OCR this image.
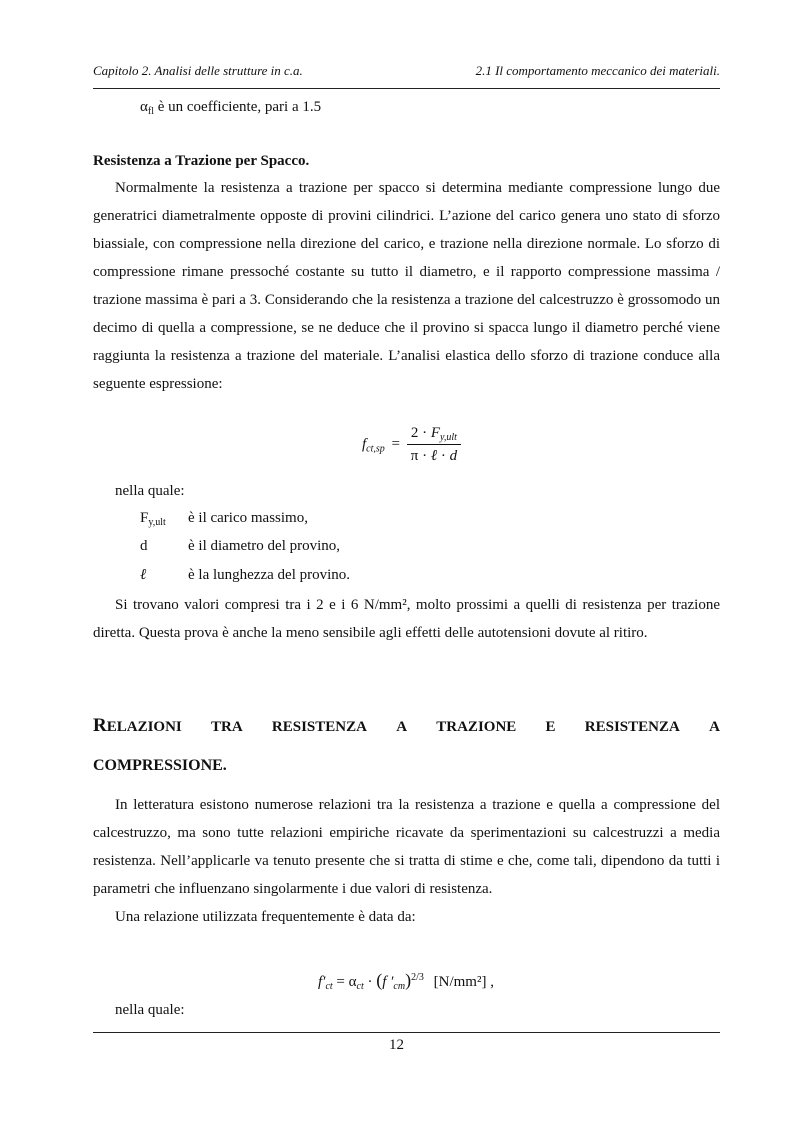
Capitolo 2. Analisi delle strutture in c.a.	2.1 Il comportamento meccanico dei materiali.
$\alpha_{fl}$ è un coefficiente, pari a 1.5
Resistenza a Trazione per Spacco.

Normalmente la resistenza a trazione per spacco si determina mediante compressione lungo due generatrici diametralmente opposte di provini cilindrici. L’azione del carico genera uno stato di sforzo biassiale, con compressione nella direzione del carico, e trazione nella direzione normale. Lo sforzo di compressione rimane pressoché costante su tutto il diametro, e il rapporto compressione massima / trazione massima è pari a 3. Considerando che la resistenza a trazione del calcestruzzo è grossomodo un decimo di quella a compressione, se ne deduce che il provino si spacca lungo il diametro perché viene raggiunta la resistenza a trazione del materiale. L’analisi elastica dello sforzo di trazione conduce alla seguente espressione:

$f_{ct,sp} = \frac{2 \cdot F_{y,ult}}{\text{π · ℓ · d}}$
nella quale:
$F_{y,ult}$ è il carico massimo,
d	è il diametro del provino,
ℓ	è la lunghezza del provino.

Si trovano valori compresi tra i 2 e i 6 N/mm², molto prossimi a quelli di resistenza per trazione diretta. Questa prova è anche la meno sensibile agli effetti delle autotensioni dovute al ritiro.

RELAZIONI TRA RESISTENZA A TRAZIONE E RESISTENZA A
COMPRESSIONE.

In letteratura esistono numerose relazioni tra la resistenza a trazione e quella a compressione del calcestruzzo, ma sono tutte relazioni empiriche ricavate da sperimentazioni su calcestruzzi a media resistenza. Nell’applicarle va tenuto presente che si tratta di stime e che, come tali, dipendono da tutti i parametri che influenzano singolarmente i due valori di resistenza.

Una relazione utilizzata frequentemente è data da:

$f'_{ct} = \alpha_{ct} \cdot (f$ $'_{cm})^{2/3}$ [N/mm²] ,
nella quale:
12
